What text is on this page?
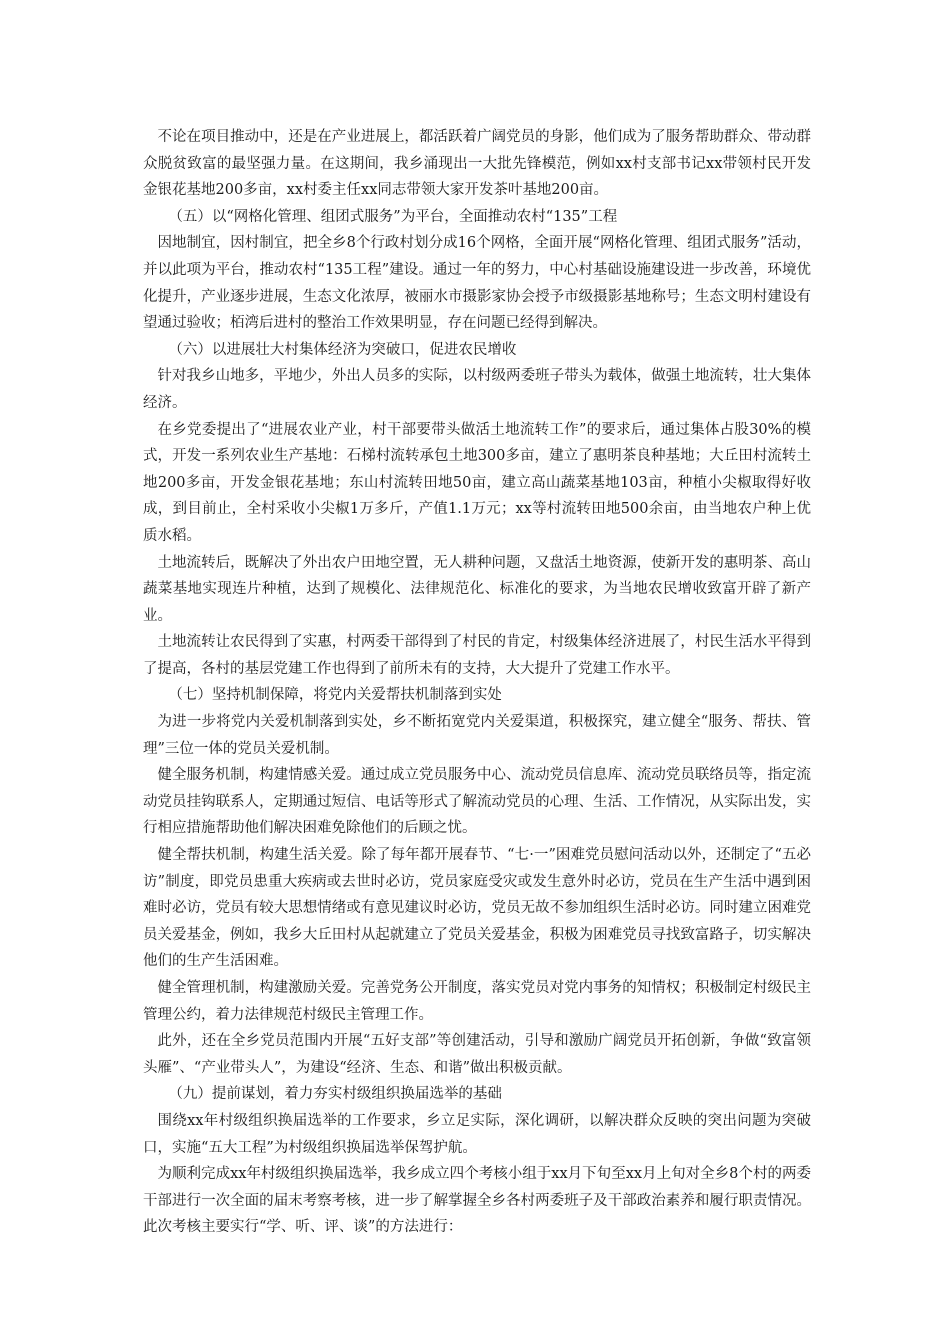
不论在项目推动中，还是在产业进展上，都活跃着广阔党员的身影，他们成为了服务帮助群众、带动群众脱贫致富的最坚强力量。在这期间，我乡涌现出一大批先锋模范，例如xx村支部书记xx带领村民开发金银花基地200多亩，xx村委主任xx同志带领大家开发茶叶基地200亩。

（五）以“网格化管理、组团式服务”为平台，全面推动农村“135”工程

因地制宜，因村制宜，把全乡8个行政村划分成16个网格，全面开展“网格化管理、组团式服务”活动，并以此项为平台，推动农村“135工程”建设。通过一年的努力，中心村基础设施建设进一步改善，环境优化提升，产业逐步进展，生态文化浓厚，被丽水市摄影家协会授予市级摄影基地称号；生态文明村建设有望通过验收；栢湾后进村的整治工作效果明显，存在问题已经得到解决。

（六）以进展壮大村集体经济为突破口，促进农民增收

针对我乡山地多，平地少，外出人员多的实际，以村级两委班子带头为载体，做强土地流转，壮大集体经济。

在乡党委提出了“进展农业产业，村干部要带头做活土地流转工作”的要求后，通过集体占股30%的模式，开发一系列农业生产基地：石梯村流转承包土地300多亩，建立了惠明茶良种基地；大丘田村流转土地200多亩，开发金银花基地；东山村流转田地50亩，建立高山蔬菜基地103亩，种植小尖椒取得好收成，到目前止，全村采收小尖椒1万多斤，产值1.1万元；xx等村流转田地500余亩，由当地农户种上优质水稻。

土地流转后，既解决了外出农户田地空置，无人耕种问题，又盘活土地资源，使新开发的惠明茶、高山蔬菜基地实现连片种植，达到了规模化、法律规范化、标准化的要求，为当地农民增收致富开辟了新产业。

土地流转让农民得到了实惠，村两委干部得到了村民的肯定，村级集体经济进展了，村民生活水平得到了提高，各村的基层党建工作也得到了前所未有的支持，大大提升了党建工作水平。

（七）坚持机制保障，将党内关爱帮扶机制落到实处

为进一步将党内关爱机制落到实处，乡不断拓宽党内关爱渠道，积极探究，建立健全“服务、帮扶、管理”三位一体的党员关爱机制。

健全服务机制，构建情感关爱。通过成立党员服务中心、流动党员信息库、流动党员联络员等，指定流动党员挂钩联系人，定期通过短信、电话等形式了解流动党员的心理、生活、工作情况，从实际出发，实行相应措施帮助他们解决困难免除他们的后顾之忧。

健全帮扶机制，构建生活关爱。除了每年都开展春节、“七·一”困难党员慰问活动以外，还制定了“五必访”制度，即党员患重大疾病或去世时必访，党员家庭受灾或发生意外时必访，党员在生产生活中遇到困难时必访，党员有较大思想情绪或有意见建议时必访，党员无故不参加组织生活时必访。同时建立困难党员关爱基金，例如，我乡大丘田村从起就建立了党员关爱基金，积极为困难党员寻找致富路子，切实解决他们的生产生活困难。

健全管理机制，构建激励关爱。完善党务公开制度，落实党员对党内事务的知情权；积极制定村级民主管理公约，着力法律规范村级民主管理工作。

此外，还在全乡党员范围内开展“五好支部”等创建活动，引导和激励广阔党员开拓创新，争做“致富领头雁”、“产业带头人”，为建设“经济、生态、和谐”做出积极贡献。

（九）提前谋划，着力夯实村级组织换届选举的基础

围绕xx年村级组织换届选举的工作要求，乡立足实际，深化调研，以解决群众反映的突出问题为突破口，实施“五大工程”为村级组织换届选举保驾护航。

为顺利完成xx年村级组织换届选举，我乡成立四个考核小组于xx月下旬至xx月上旬对全乡8个村的两委干部进行一次全面的届末考察考核，进一步了解掌握全乡各村两委班子及干部政治素养和履行职责情况。此次考核主要实行“学、听、评、谈”的方法进行：
